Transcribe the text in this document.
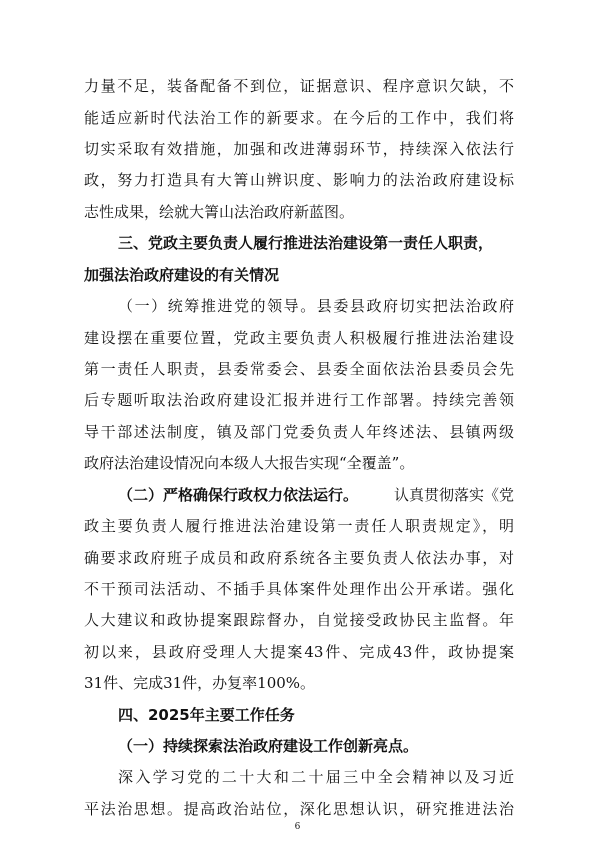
力量不足，装备配备不到位，证据意识、程序意识欠缺，不
能适应新时代法治工作的新要求。在今后的工作中，我们将
切实采取有效措施，加强和改进薄弱环节，持续深入依法行
政，努力打造具有大箐山辨识度、影响力的法治政府建设标
志性成果，绘就大箐山法治政府新蓝图。
三、党政主要负责人履行推进法治建设第一责任人职责，
加强法治政府建设的有关情况
（一）统筹推进党的领导。县委县政府切实把法治政府
建设摆在重要位置，党政主要负责人积极履行推进法治建设
第一责任人职责，县委常委会、县委全面依法治县委员会先
后专题听取法治政府建设汇报并进行工作部署。持续完善领
导干部述法制度，镇及部门党委负责人年终述法、县镇两级
政府法治建设情况向本级人大报告实现“全覆盖”。
（二）严格确保行政权力依法运行。 认真贯彻落实《党
政主要负责人履行推进法治建设第一责任人职责规定》，明
确要求政府班子成员和政府系统各主要负责人依法办事，对
不干预司法活动、不插手具体案件处理作出公开承诺。强化
人大建议和政协提案跟踪督办，自觉接受政协民主监督。年
初以来，县政府受理人大提案43件、完成43件，政协提案
31件、完成31件，办复率100%。
四、2025年主要工作任务
（一）持续探索法治政府建设工作创新亮点。
深入学习党的二十大和二十届三中全会精神以及习近
平法治思想。提高政治站位，深化思想认识，研究推进法治
6
